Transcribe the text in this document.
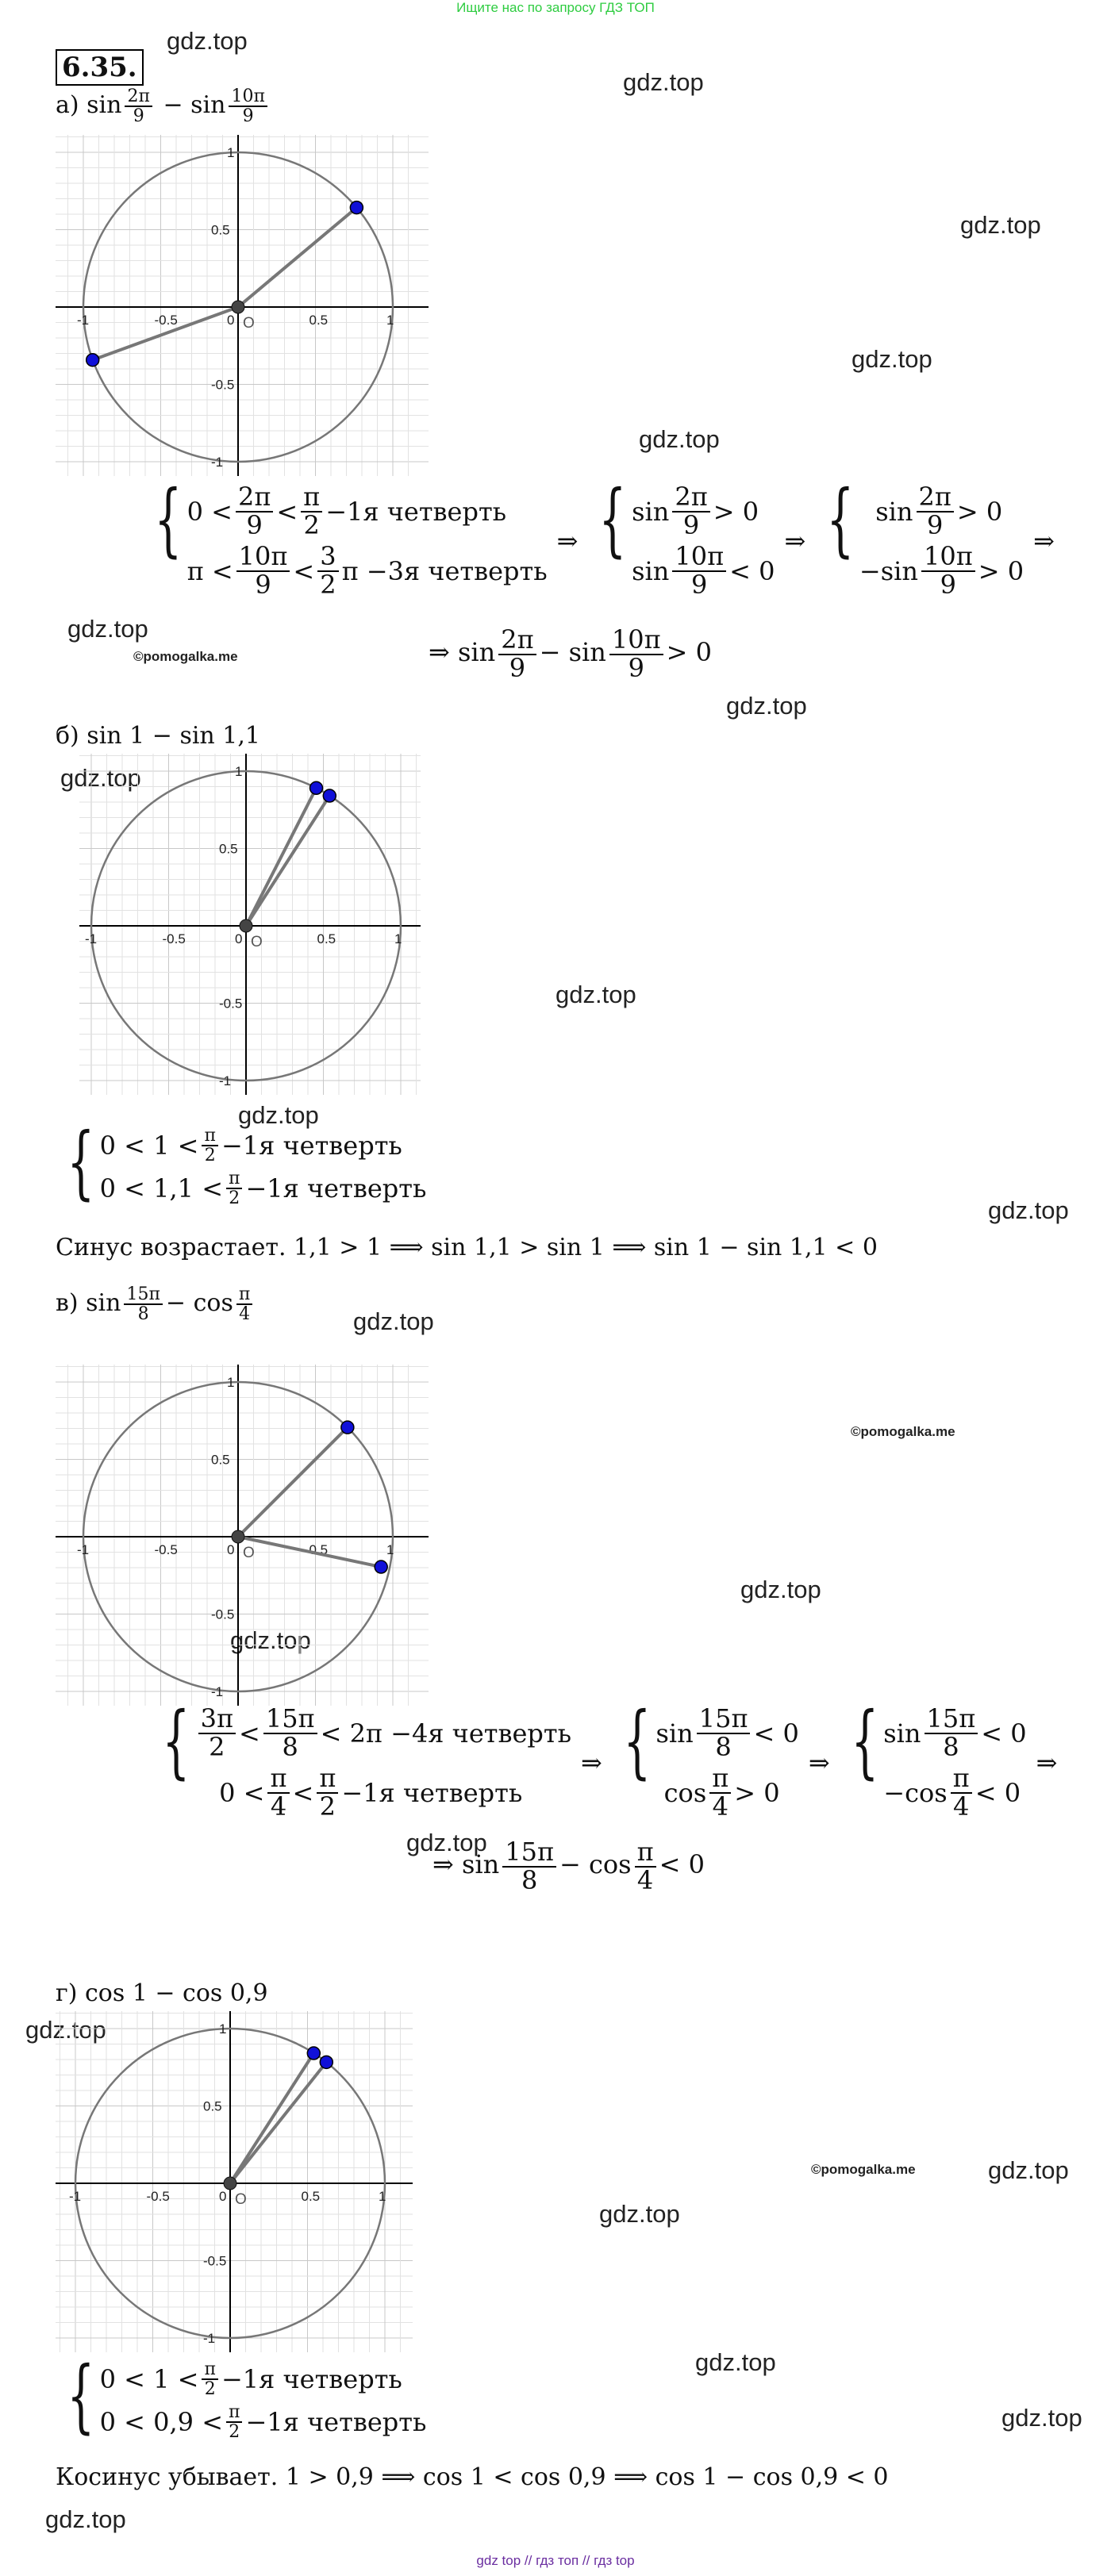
Ищите нас по запросу ГДЗ ТОП
6.35.
gdz.top
gdz.top
gdz.top
gdz.top
gdz.top
gdz.top
gdz.top
gdz.top
gdz.top
gdz.top
gdz.top
gdz.top
gdz.top
gdz.top
gdz.top
gdz.top
gdz.top
gdz.top
gdz.top
gdz.top
gdz.top
©pomogalka.me
©pomogalka.me
©pomogalka.me
а) $\sin \frac{2\pi}{9} - \sin \frac{10\pi}{9}$
-1	-0.5	0	0.5	1
1
0.5
-0.5
-1
O
{ $0 < \frac{2\pi}{9} < \frac{\pi}{2} - 1я$ четверть
$\pi < \frac{10\pi}{9} < \frac{3}{2}$ π − 3я четверть
⇒ { $\sin \frac{2\pi}{9} > 0$
$\sin \frac{10\pi}{9} < 0$
⇒ { $\sin \frac{2\pi}{9} > 0$
$-\sin \frac{10\pi}{9} > 0$
⇒
⇒ $\sin \frac{2\pi}{9} - \sin \frac{10\pi}{9} > 0$
б) sin 1 − sin 1,1
-1	-0.5	0	0.5	1
1
0.5
-0.5
-1
O
{ $0 < 1 < \frac{\pi}{2} - 1я$ четверть
$0 < 1,1 < \frac{\pi}{2} - 1я$ четверть
Синус возрастает. 1,1 > 1 ⟹ sin 1,1 > sin 1 ⟹ sin 1 − sin 1,1 < 0
в) $\sin \frac{15\pi}{8} - \cos \frac{\pi}{4}$
-1	-0.5	0	0.5	1
1
0.5
-0.5
-1
O
{ $\frac{3\pi}{2} < \frac{15\pi}{8} < 2\pi - 4я$ четверть
$0 < \frac{\pi}{4} < \frac{\pi}{2} - 1я$ четверть
⇒ { $\sin \frac{15\pi}{8} < 0$
$\cos \frac{\pi}{4} > 0$
⇒ { $\sin \frac{15\pi}{8} < 0$
$-\cos \frac{\pi}{4} < 0$
⇒
⇒ $\sin \frac{15\pi}{8} - \cos \frac{\pi}{4} < 0$
г) cos 1 − cos 0,9
-1	-0.5	0	0.5	1
1
0.5
-0.5
-1
O
{ $0 < 1 < \frac{\pi}{2} - 1я$ четверть
$0 < 0,9 < \frac{\pi}{2} - 1я$ четверть
Косинус убывает. 1 > 0,9 ⟹ cos 1 < cos 0,9 ⟹ cos 1 − cos 0,9 < 0
gdz top // гдз топ // гдз top
